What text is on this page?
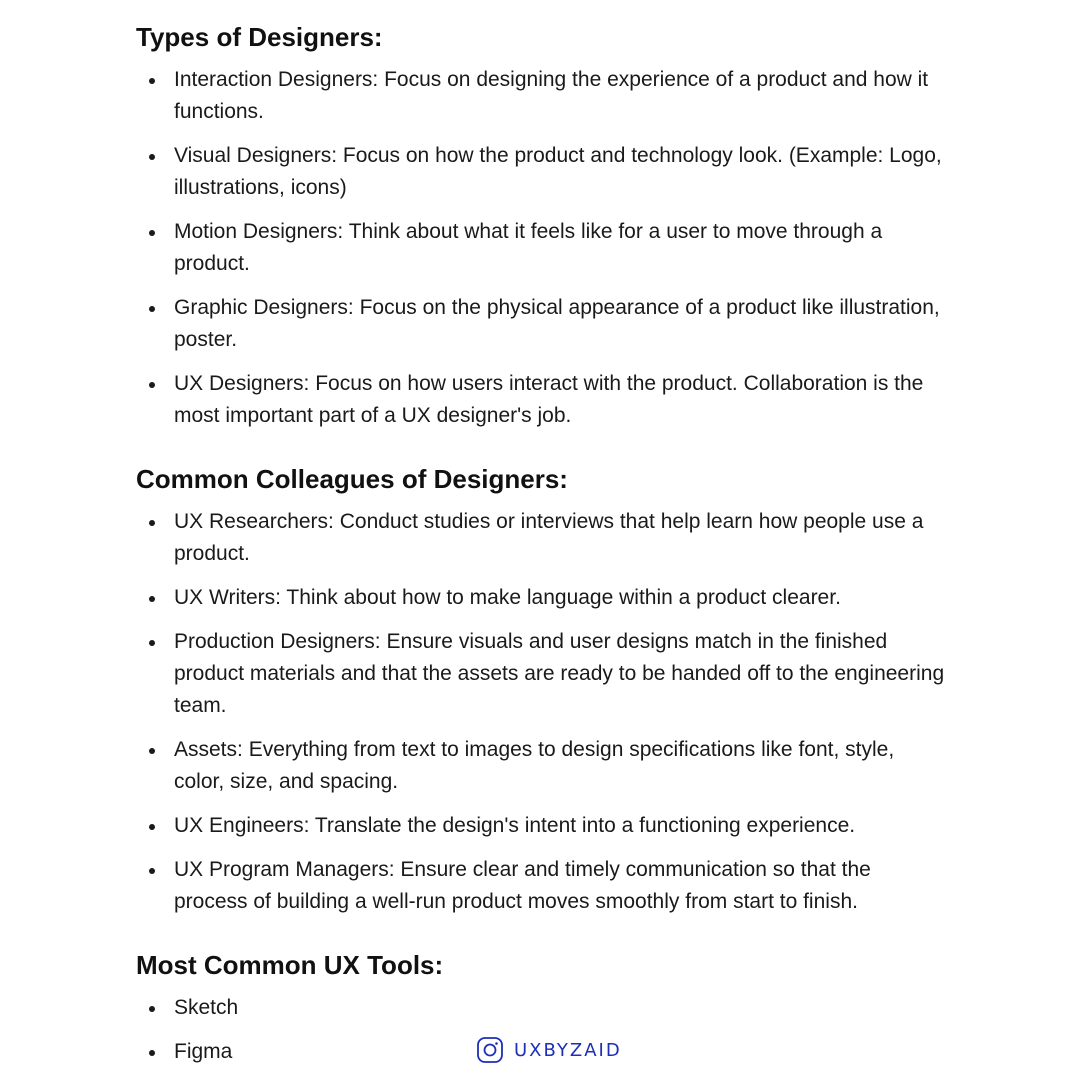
Types of Designers:
Interaction Designers: Focus on designing the experience of a product and how it functions.
Visual Designers: Focus on how the product and technology look. (Example: Logo, illustrations, icons)
Motion Designers: Think about what it feels like for a user to move through a product.
Graphic Designers: Focus on the physical appearance of a product like illustration, poster.
UX Designers: Focus on how users interact with the product. Collaboration is the most important part of a UX designer's job.
Common Colleagues of Designers:
UX Researchers: Conduct studies or interviews that help learn how people use a product.
UX Writers: Think about how to make language within a product clearer.
Production Designers: Ensure visuals and user designs match in the finished product materials and that the assets are ready to be handed off to the engineering team.
Assets: Everything from text to images to design specifications like font, style, color, size, and spacing.
UX Engineers: Translate the design's intent into a functioning experience.
UX Program Managers: Ensure clear and timely communication so that the process of building a well-run product moves smoothly from start to finish.
Most Common UX Tools:
Sketch
Figma	UXBYZAID
